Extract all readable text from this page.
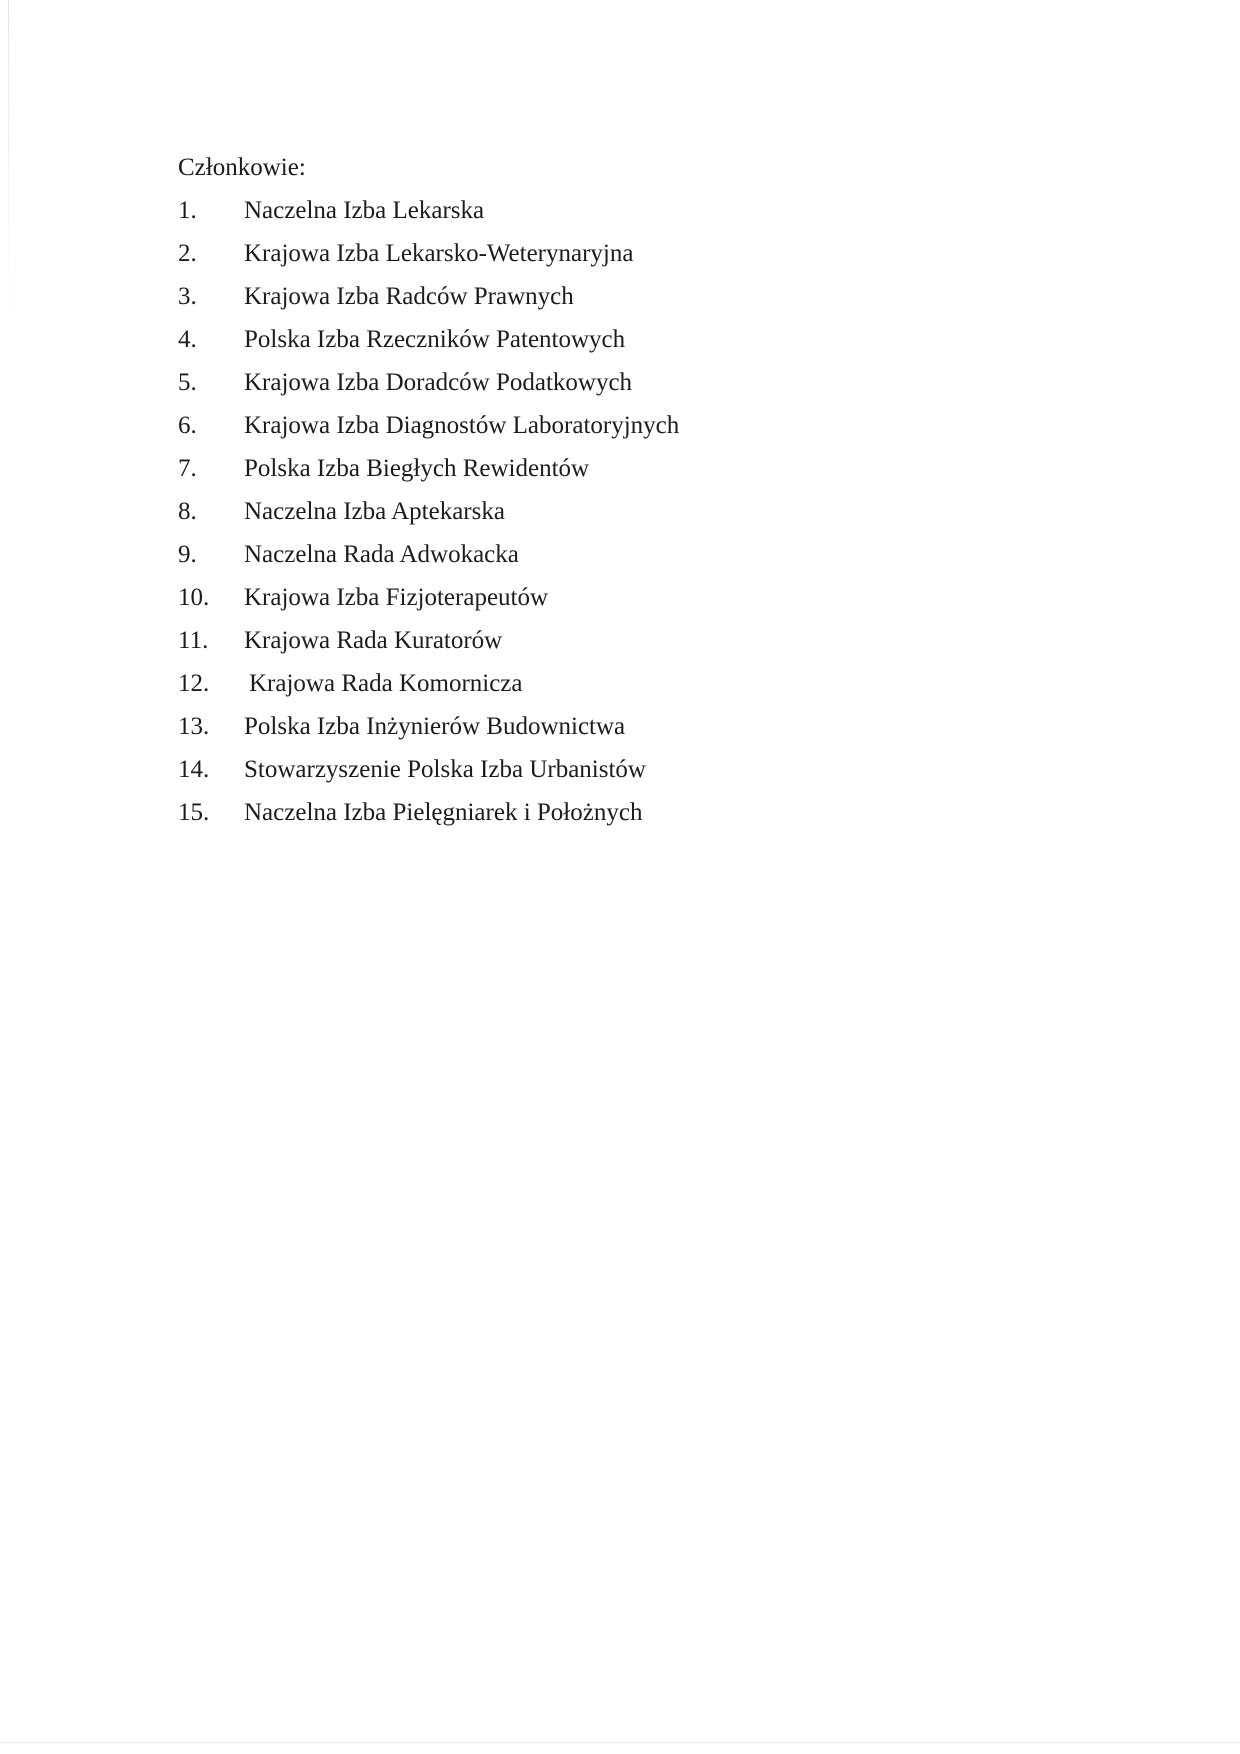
Członkowie:
1. Naczelna Izba Lekarska
2. Krajowa Izba Lekarsko-Weterynaryjna
3. Krajowa Izba Radców Prawnych
4. Polska Izba Rzeczników Patentowych
5. Krajowa Izba Doradców Podatkowych
6. Krajowa Izba Diagnostów Laboratoryjnych
7. Polska Izba Biegłych Rewidentów
8. Naczelna Izba Aptekarska
9. Naczelna Rada Adwokacka
10. Krajowa Izba Fizjoterapeutów
11. Krajowa Rada Kuratorów
12. Krajowa Rada Komornicza
13. Polska Izba Inżynierów Budownictwa
14. Stowarzyszenie Polska Izba Urbanistów
15. Naczelna Izba Pielęgniarek i Położnych
